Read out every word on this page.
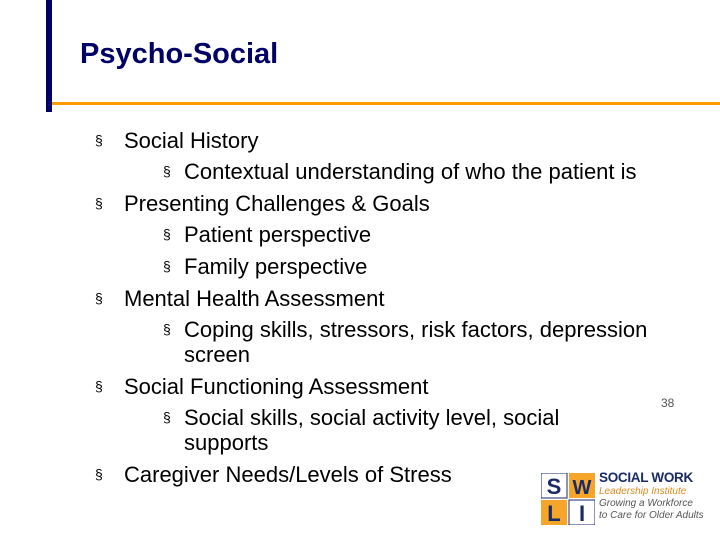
Psycho-Social
§ Social History
§ Contextual understanding of who the patient is
§ Presenting Challenges & Goals
§ Patient perspective
§ Family perspective
§ Mental Health Assessment
§ Coping skills, stressors, risk factors, depression screen
§ Social Functioning Assessment
§ Social skills, social activity level, social supports
§ Caregiver Needs/Levels of Stress
38
S W
L I
SOCIAL WORK
Leadership Institute
Growing a Workforce
to Care for Older Adults
